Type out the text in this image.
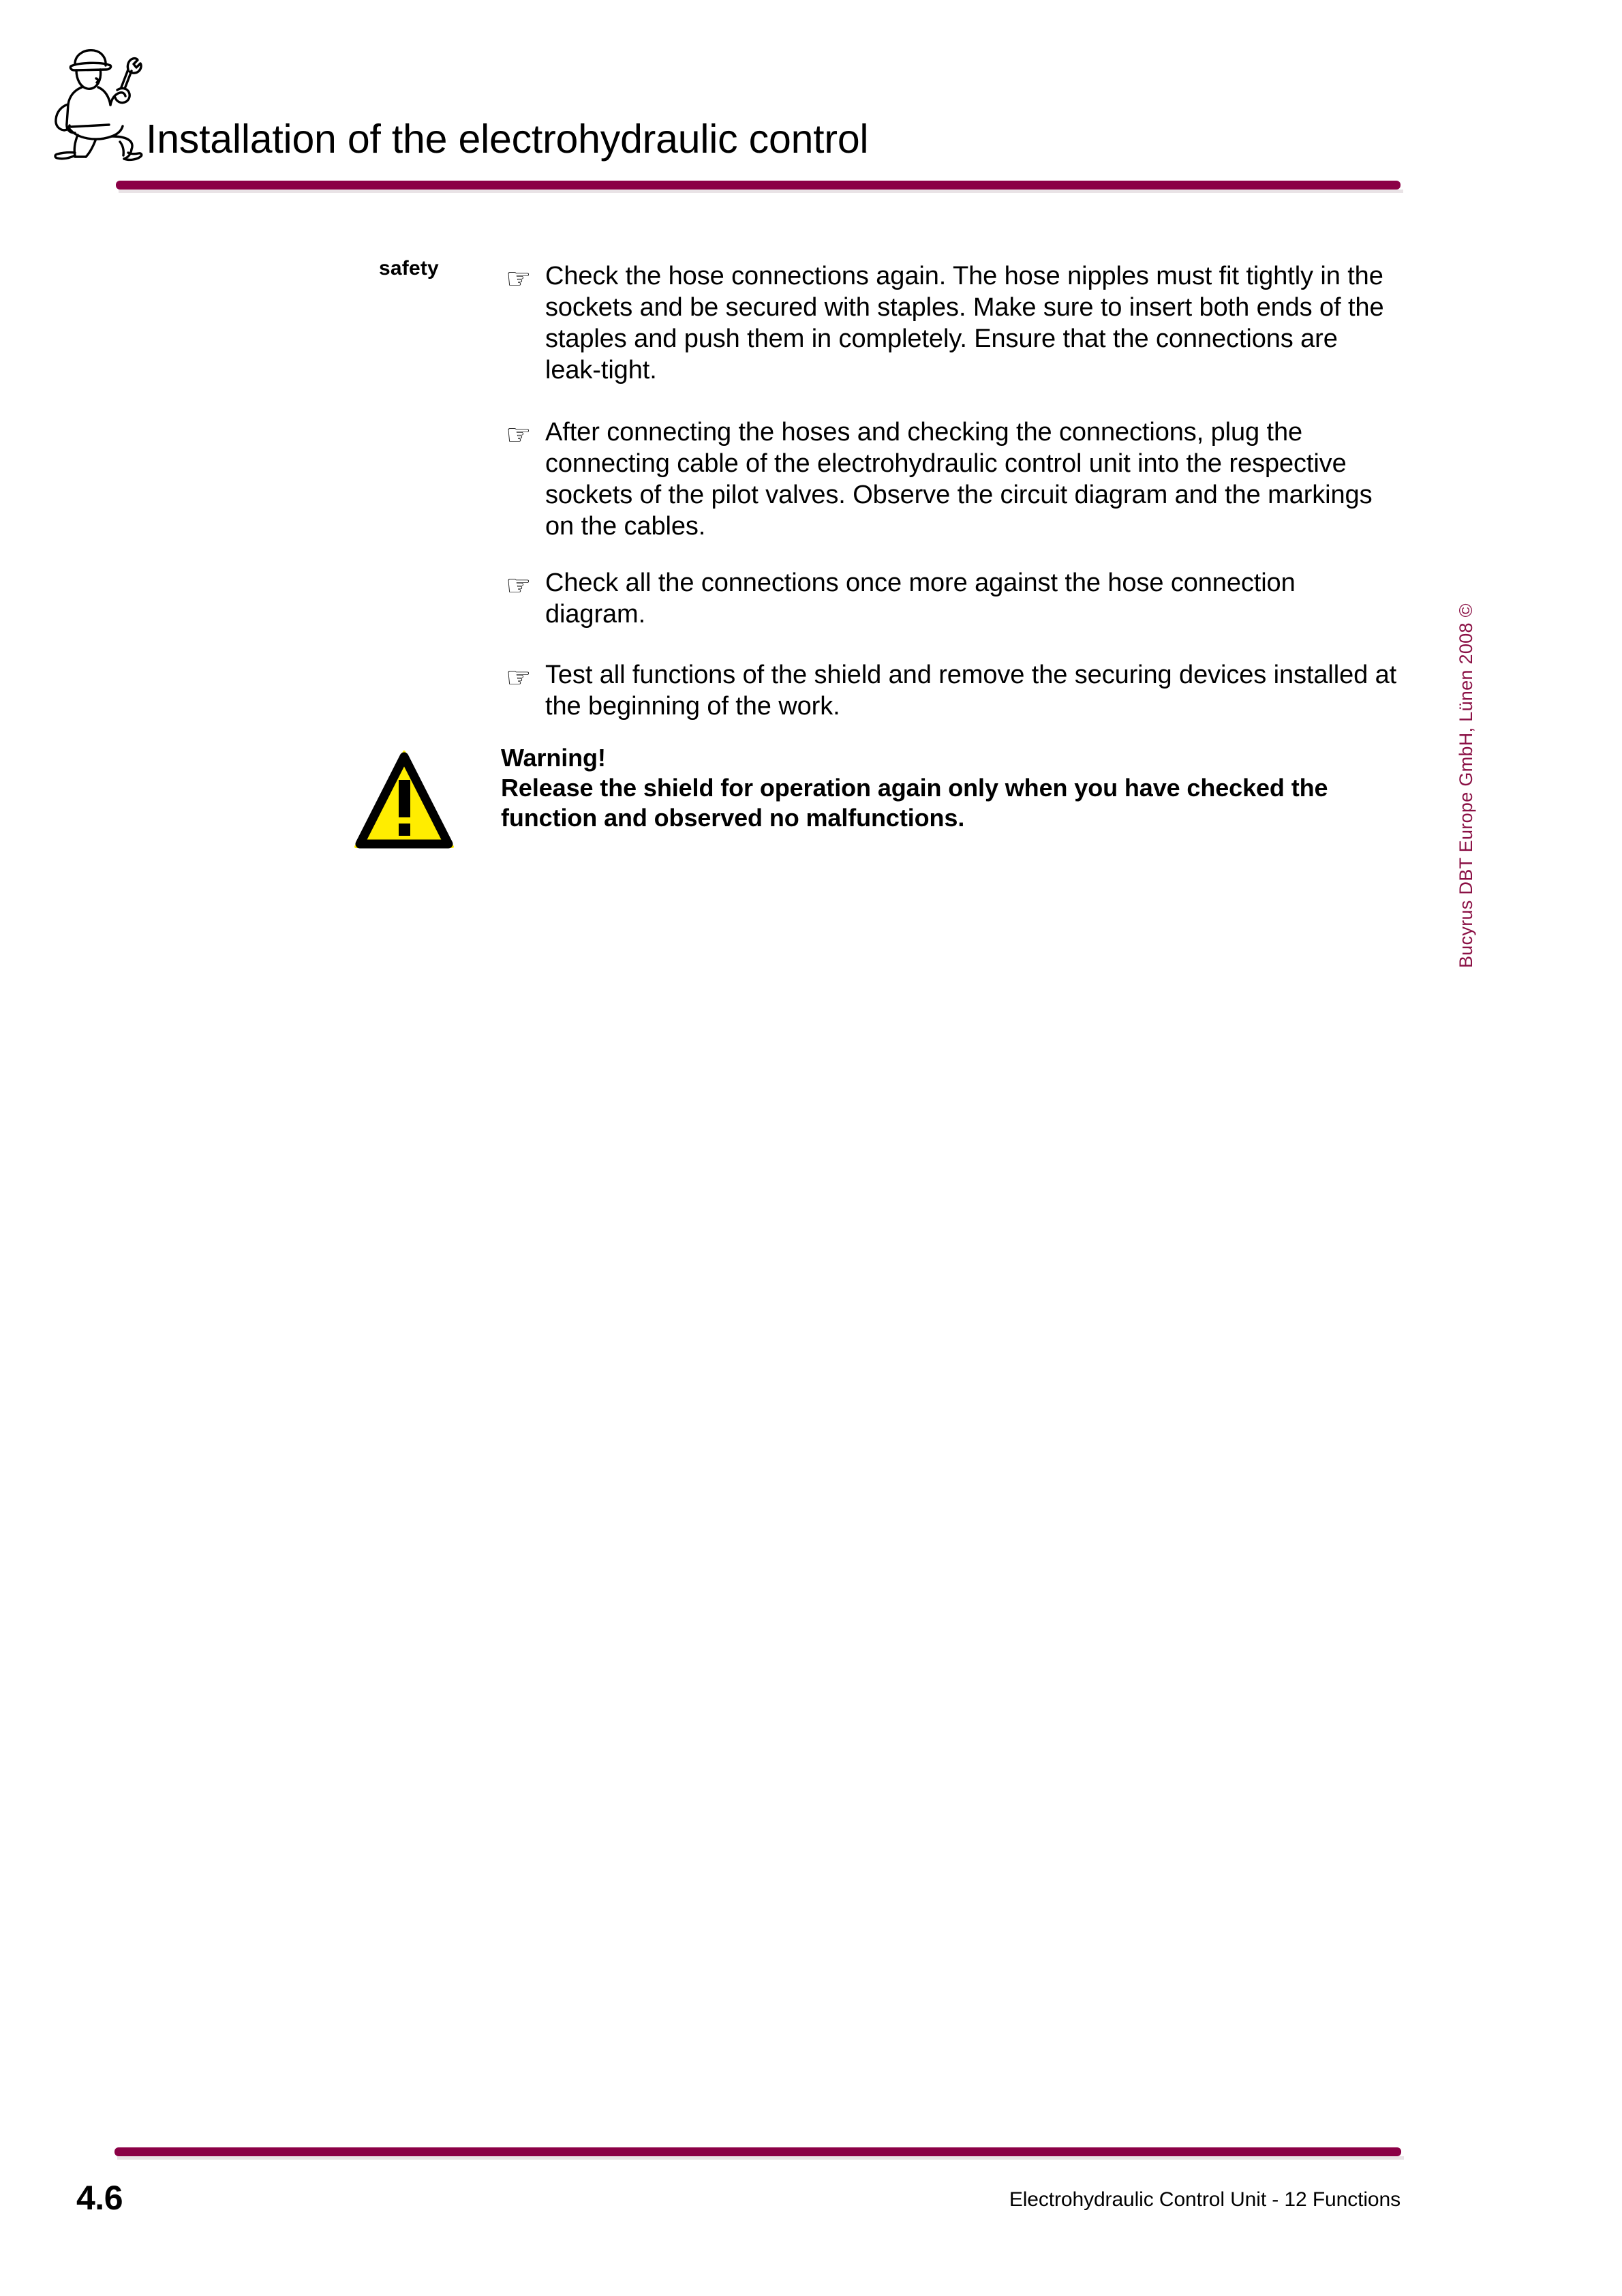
Installation of the electrohydraulic control
safety ☞ Check the hose connections again. The hose nipples must fit tightly in the sockets and be secured with staples. Make sure to insert both ends of the staples and push them in completely. Ensure that the connections are leak-tight.
☞ After connecting the hoses and checking the connections, plug the connecting cable of the electrohydraulic control unit into the respective sockets of the pilot valves. Observe the circuit diagram and the markings on the cables.
☞ Check all the connections once more against the hose connection diagram.
☞ Test all functions of the shield and remove the securing devices installed at the beginning of the work.
Warning!
Release the shield for operation again only when you have checked the function and observed no malfunctions.	Bucyrus DBT Europe GmbH, Lünen 2008 ©
4.6	Electrohydraulic Control Unit - 12 Functions
